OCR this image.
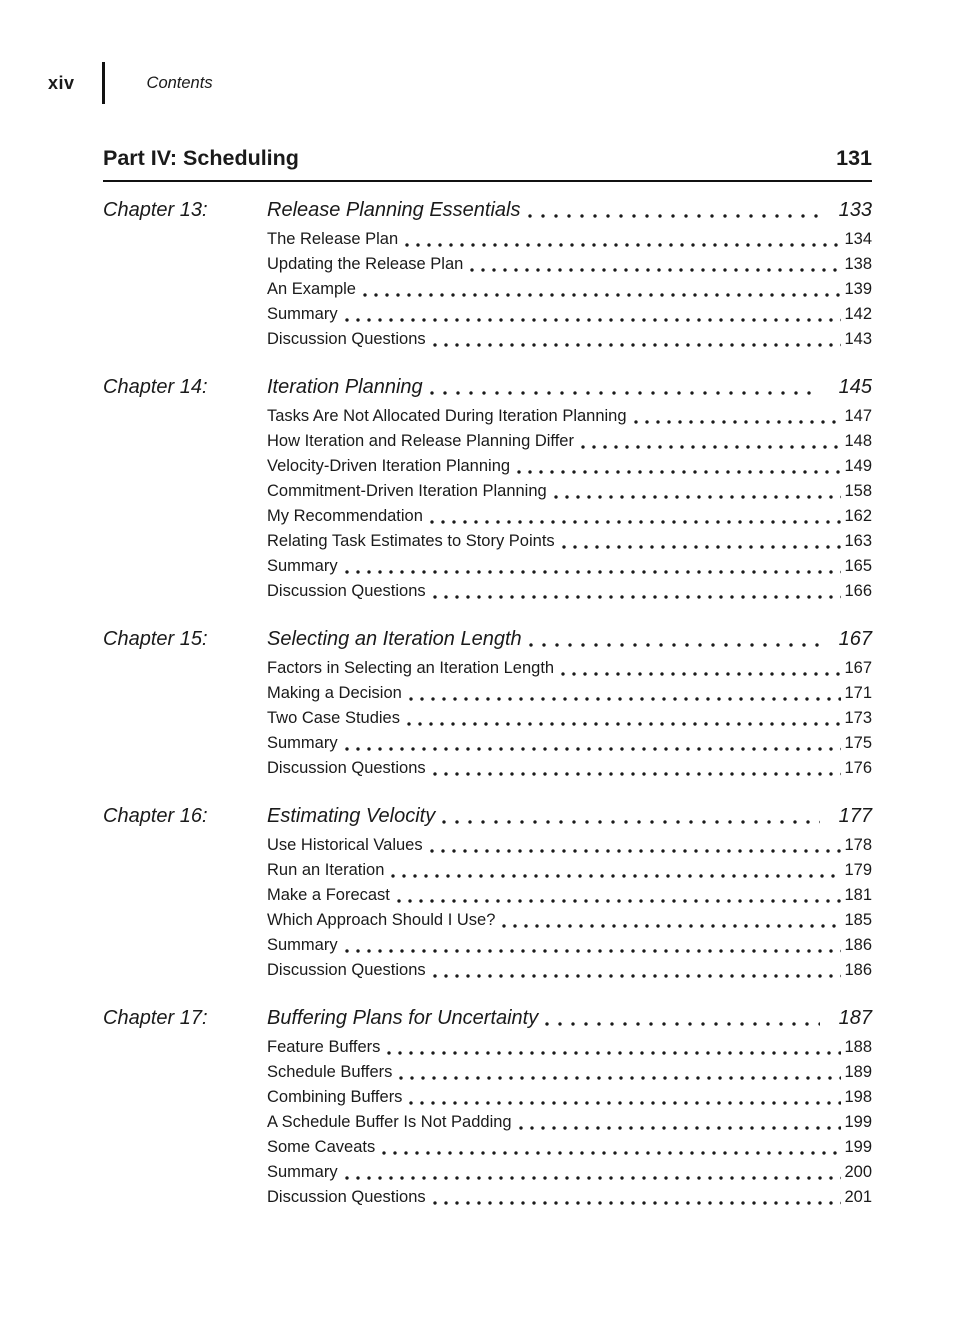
xiv	Contents
Part IV: Scheduling	131
Chapter 13:	Release Planning Essentials	133
The Release Plan	134
Updating the Release Plan	138
An Example	139
Summary	142
Discussion Questions	143
Chapter 14:	Iteration Planning	145
Tasks Are Not Allocated During Iteration Planning	147
How Iteration and Release Planning Differ	148
Velocity-Driven Iteration Planning	149
Commitment-Driven Iteration Planning	158
My Recommendation	162
Relating Task Estimates to Story Points	163
Summary	165
Discussion Questions	166
Chapter 15:	Selecting an Iteration Length	167
Factors in Selecting an Iteration Length	167
Making a Decision	171
Two Case Studies	173
Summary	175
Discussion Questions	176
Chapter 16:	Estimating Velocity	177
Use Historical Values	178
Run an Iteration	179
Make a Forecast	181
Which Approach Should I Use?	185
Summary	186
Discussion Questions	186
Chapter 17:	Buffering Plans for Uncertainty	187
Feature Buffers	188
Schedule Buffers	189
Combining Buffers	198
A Schedule Buffer Is Not Padding	199
Some Caveats	199
Summary	200
Discussion Questions	201
